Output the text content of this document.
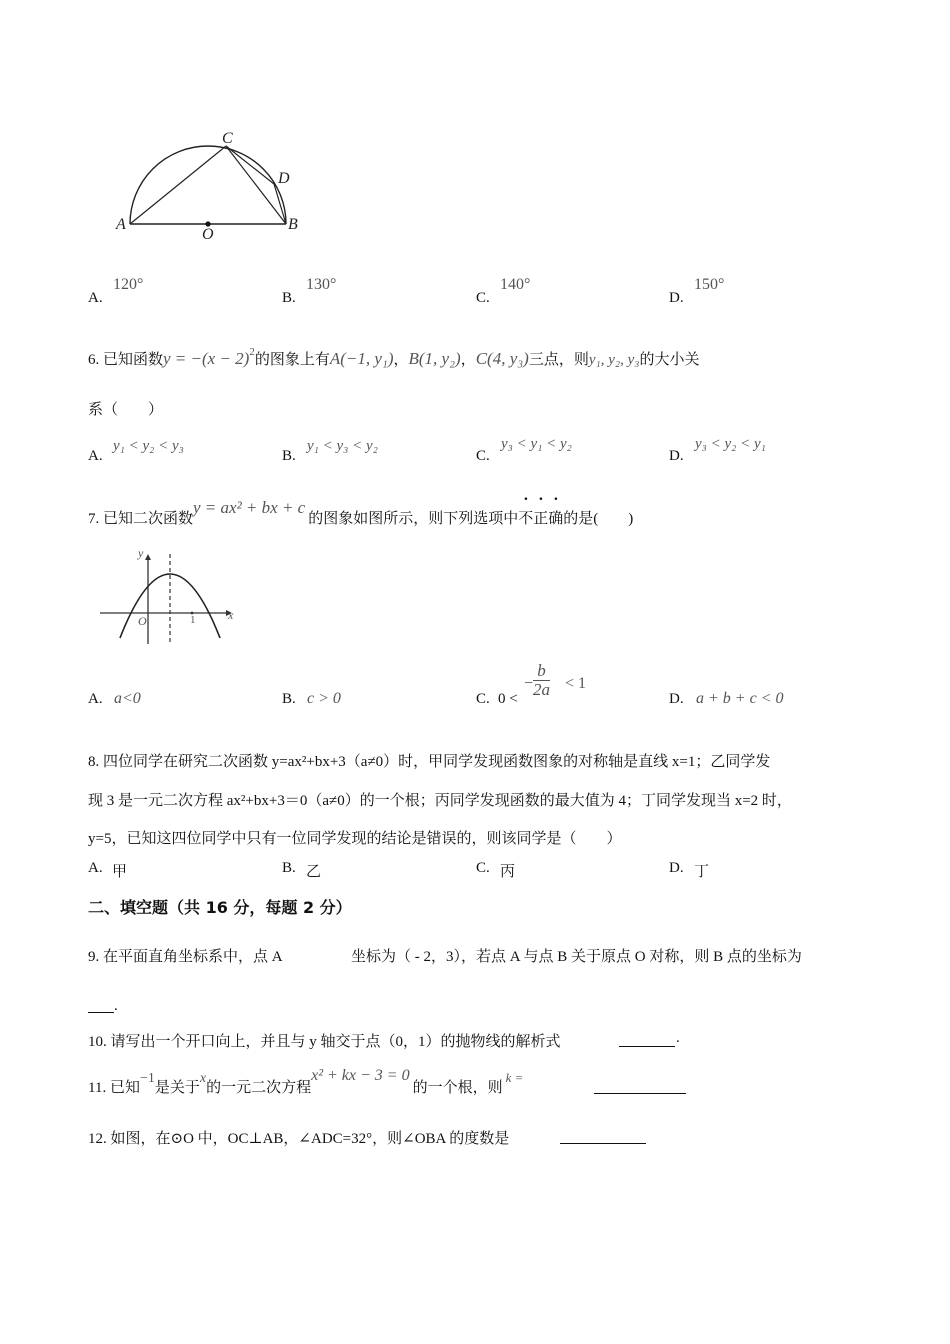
C
D
A	B
O
A.
120°
B.
130°
C.
140°
D.
150°
6. 已知函数$y = -(x - 2)^2$的图象上有A(−1, y₁)，B(1, y₂)，C(4, y₃)三点，则y₁, y₂, y₃的大小关
系（　　）
A.
y₁ < y₂ < y₃
B.
y₁ < y₃ < y₂
C.
y₃ < y₁ < y₂
D.
y₃ < y₂ < y₁
7. 已知二次函数y = ax² + bx + c的图象如图所示，则下列选项中不正确的是(　　)
y
x
O	1
A. a<0	B. c > 0	C. 0 <
− $\frac{b}{2a} < 1$
D. a + b + c < 0
8. 四位同学在研究二次函数 y=ax²+bx+3（a≠0）时，甲同学发现函数图象的对称轴是直线 x=1；乙同学发
现 3 是一元二次方程 ax²+bx+3＝0（a≠0）的一个根；丙同学发现函数的最大值为 4；丁同学发现当 x=2 时，
y=5，已知这四位同学中只有一位同学发现的结论是错误的，则该同学是（　　）
A. 甲	B. 乙	C. 丙	D. 丁
二、填空题（共 16 分，每题 2 分）
9. 在平面直角坐标系中，点 A	坐标为（ - 2，3），若点 A 与点 B 关于原点 O 对称，则 B 点的坐标为
.
10. 请写出一个开口向上，并且与 y 轴交于点（0，1）的抛物线的解析式	.
11. 已知−1是关于x的一元二次方程x² + kx − 3 = 0的一个根，则k =
12. 如图，在⊙O 中，OC⊥AB，∠ADC=32°，则∠OBA 的度数是
